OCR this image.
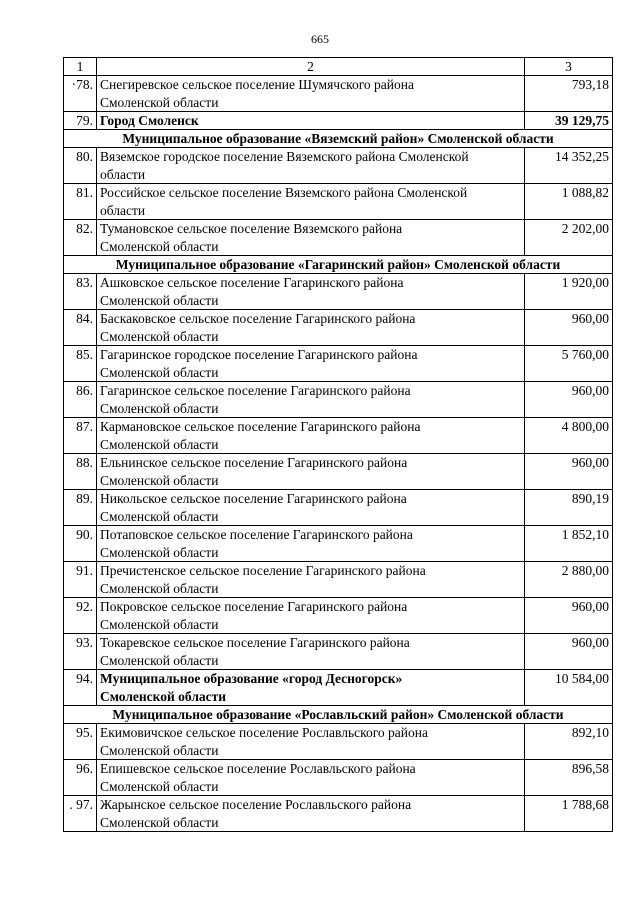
665
1	2	3
·78.	Снегиревское сельское поселение Шумячского района
Смоленской области	793,18
79.	Город Смоленск	39 129,75
Муниципальное образование «Вяземский район» Смоленской области		
80.	Вяземское городское поселение Вяземского района Смоленской
области	14 352,25
81.	Российское сельское поселение Вяземского района Смоленской
области	1 088,82
82.	Тумановское сельское поселение Вяземского района
Смоленской области	2 202,00
Муниципальное образование «Гагаринский район» Смоленской области		
83.	Ашковское сельское поселение Гагаринского района
Смоленской области	1 920,00
84.	Баскаковское сельское поселение Гагаринского района
Смоленской области	960,00
85.	Гагаринское городское поселение Гагаринского района
Смоленской области	5 760,00
86.	Гагаринское сельское поселение Гагаринского района
Смоленской области	960,00
87.	Кармановское сельское поселение Гагаринского района
Смоленской области	4 800,00
88.	Ельнинское сельское поселение Гагаринского района
Смоленской области	960,00
89.	Никольское сельское поселение Гагаринского района
Смоленской области	890,19
90.	Потаповское сельское поселение Гагаринского района
Смоленской области	1 852,10
91.	Пречистенское сельское поселение Гагаринского района
Смоленской области	2 880,00
92.	Покровское сельское поселение Гагаринского района
Смоленской области	960,00
93.	Токаревское сельское поселение Гагаринского района
Смоленской области	960,00
94.	Муниципальное образование «город Десногорск»
Смоленской области	10 584,00
Муниципальное образование «Рославльский район» Смоленской области		
95.	Екимовичское сельское поселение Рославльского района
Смоленской области	892,10
96.	Епишевское сельское поселение Рославльского района
Смоленской области	896,58
. 97.	Жарынское сельское поселение Рославльского района
Смоленской области	1 788,68
